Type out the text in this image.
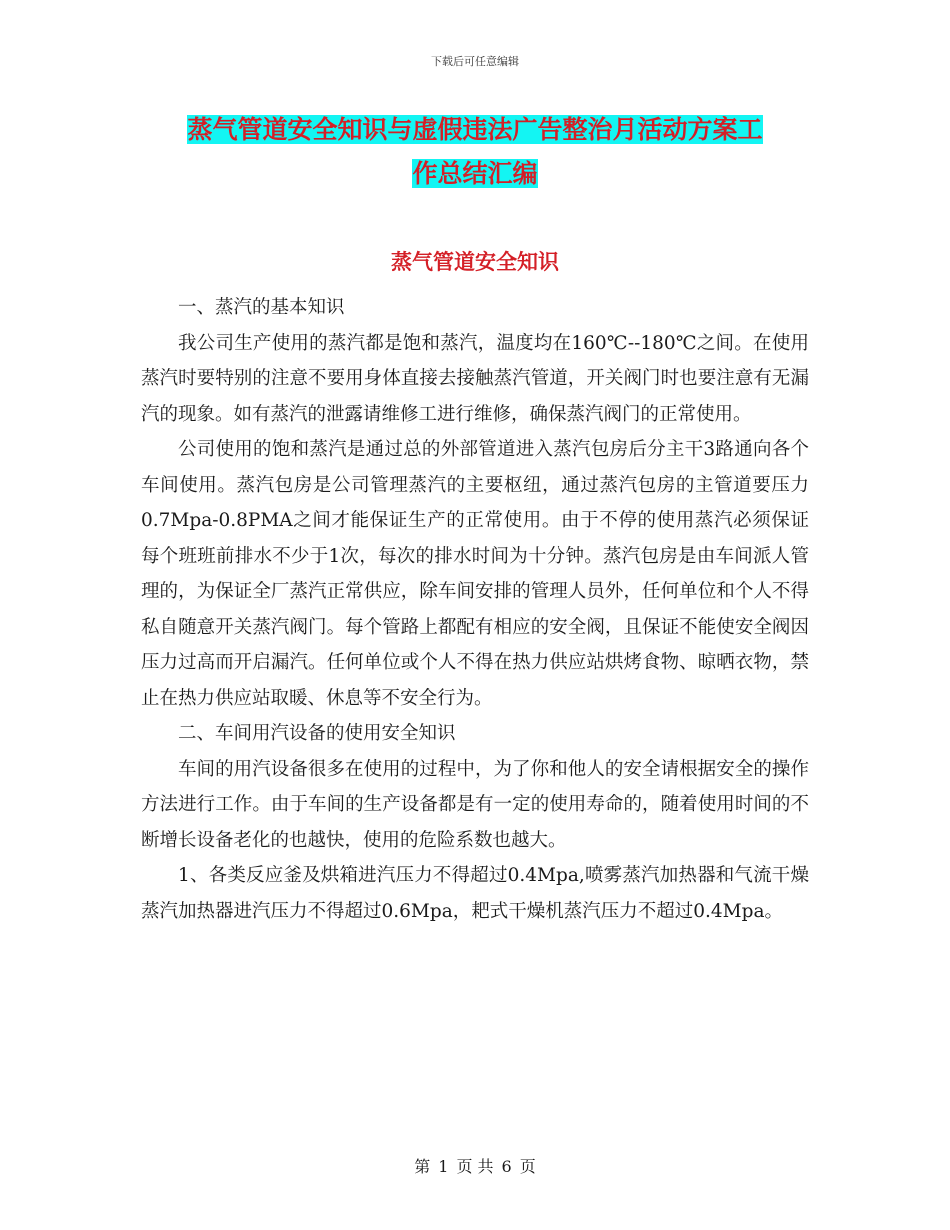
下载后可任意编辑
蒸气管道安全知识与虚假违法广告整治月活动方案工
作总结汇编
蒸气管道安全知识

一、蒸汽的基本知识

我公司生产使用的蒸汽都是饱和蒸汽，温度均在160℃--180℃之间。在使用蒸汽时要特别的注意不要用身体直接去接触蒸汽管道，开关阀门时也要注意有无漏汽的现象。如有蒸汽的泄露请维修工进行维修，确保蒸汽阀门的正常使用。

公司使用的饱和蒸汽是通过总的外部管道进入蒸汽包房后分主干3路通向各个车间使用。蒸汽包房是公司管理蒸汽的主要枢纽，通过蒸汽包房的主管道要压力0.7Mpa-0.8PMA之间才能保证生产的正常使用。由于不停的使用蒸汽必须保证每个班班前排水不少于1次，每次的排水时间为十分钟。蒸汽包房是由车间派人管理的，为保证全厂蒸汽正常供应，除车间安排的管理人员外，任何单位和个人不得私自随意开关蒸汽阀门。每个管路上都配有相应的安全阀，且保证不能使安全阀因压力过高而开启漏汽。任何单位或个人不得在热力供应站烘烤食物、晾晒衣物，禁止在热力供应站取暖、休息等不安全行为。

二、车间用汽设备的使用安全知识

车间的用汽设备很多在使用的过程中，为了你和他人的安全请根据安全的操作方法进行工作。由于车间的生产设备都是有一定的使用寿命的，随着使用时间的不断增长设备老化的也越快，使用的危险系数也越大。

1、各类反应釜及烘箱进汽压力不得超过0.4Mpa,喷雾蒸汽加热器和气流干燥蒸汽加热器进汽压力不得超过0.6Mpa，耙式干燥机蒸汽压力不超过0.4Mpa。

第 1 页 共 6 页
